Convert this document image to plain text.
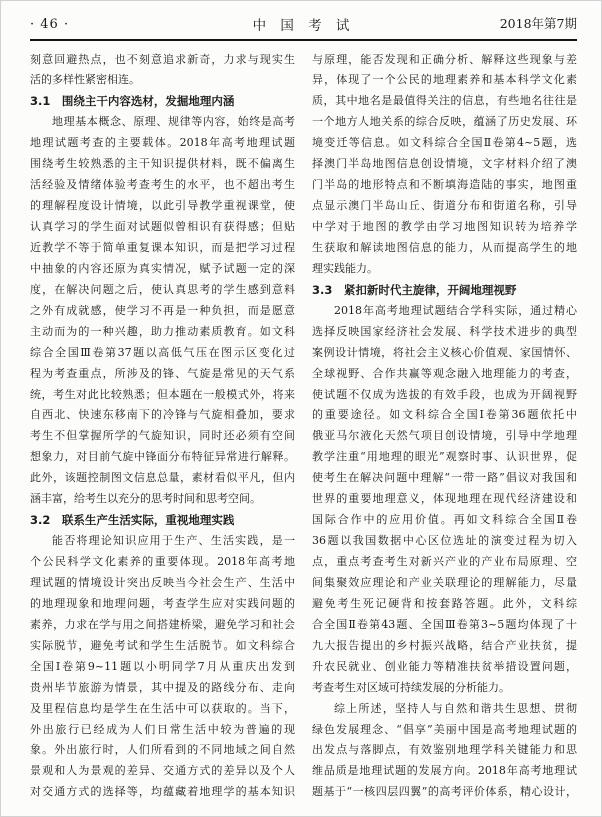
· 46 ·	中 国 考 试	2018年第7期
刻意回避热点，也不刻意追求新奇，力求与现实生
活的多样性紧密相连。
3.1　围绕主干内容选材，发掘地理内涵
地理基本概念、原理、规律等内容，始终是高考
地理试题考查的主要载体。2018年高考地理试题
围绕考生较熟悉的主干知识提供材料，既不偏离生
活经验及情绪体验考查考生的水平，也不超出考生
的理解程度设计情境，以此引导教学重视课堂，使
认真学习的学生面对试题似曾相识有获得感；但贴
近教学不等于简单重复课本知识，而是把学习过程
中抽象的内容还原为真实情况，赋予试题一定的深
度，在解决问题之后，使认真思考的学生感到意料
之外有成就感，使学习不再是一种负担，而是愿意
主动而为的一种兴趣，助力推动素质教育。如文科
综合全国Ⅲ卷第37题以高低气压在图示区变化过
程为考查重点，所涉及的锋、气旋是常见的天气系
统，考生对此比较熟悉；但本题在一般模式外，将来
自西北、快速东移南下的冷锋与气旋相叠加，要求
考生不但掌握所学的气旋知识，同时还必须有空间
想象力，对目前气旋中锋面分布特征异常进行解释。
此外，该题控制图文信息总量，素材看似平凡，但内
涵丰富，给考生以充分的思考时间和思考空间。
3.2　联系生产生活实际，重视地理实践
能否将理论知识应用于生产、生活实践，是一
个公民科学文化素养的重要体现。2018年高考地
理试题的情境设计突出反映当今社会生产、生活中
的地理现象和地理问题，考查学生应对实践问题的
素养，力求在学与用之间搭建桥梁，避免学习和社会
实际脱节，避免考试和学生生活脱节。如文科综合
全国Ⅰ卷第9~11题以小明同学7月从重庆出发到
贵州毕节旅游为情景，其中提及的路线分布、走向
及里程信息均是学生在生活中可以获取的。当下，
外出旅行已经成为人们日常生活中较为普遍的现
象。外出旅行时，人们所看到的不同地域之间自然
景观和人为景观的差异、交通方式的差异以及个人
对交通方式的选择等，均蕴藏着地理学的基本知识
与原理，能否发现和正确分析、解释这些现象与差
异，体现了一个公民的地理素养和基本科学文化素
质，其中地名是最值得关注的信息，有些地名往往是
一个地方人地关系的综合反映，蕴涵了历史发展、环
境变迁等信息。如文科综合全国Ⅱ卷第4~5题，选
择澳门半岛地图信息创设情境，文字材料介绍了澳
门半岛的地形特点和不断填海造陆的事实，地图重
点显示澳门半岛山丘、街道分布和街道名称，引导
中学对于地图的教学由学习地图知识转为培养学
生获取和解读地图信息的能力，从而提高学生的地
理实践能力。
3.3　紧扣新时代主旋律，开阔地理视野
2018年高考地理试题结合学科实际，通过精心
选择反映国家经济社会发展、科学技术进步的典型
案例设计情境，将社会主义核心价值观、家国情怀、
全球视野、合作共赢等观念融入地理能力的考查，
使试题不仅成为选拔的有效手段，也成为开阔视野
的重要途径。如文科综合全国Ⅰ卷第36题依托中
俄亚马尔液化天然气项目创设情境，引导中学地理
教学注重“用地理的眼光”观察时事、认识世界，促
使考生在解决问题中理解“一带一路”倡议对我国和
世界的重要地理意义，体现地理在现代经济建设和
国际合作中的应用价值。再如文科综合全国Ⅱ卷
36题以我国数据中心区位选址的演变过程为切入
点，重点考查考生对新兴产业的产业布局原理、空
间集聚效应理论和产业关联理论的理解能力，尽量
避免考生死记硬背和按套路答题。此外，文科综
合全国Ⅱ卷第43题、全国Ⅲ卷第3~5题均体现了十
九大报告提出的乡村振兴战略，结合产业扶贫，提
升农民就业、创业能力等精准扶贫举措设置问题，
考查考生对区域可持续发展的分析能力。
综上所述，坚持人与自然和谐共生思想、贯彻
绿色发展理念、“倡享”美丽中国是高考地理试题的
出发点与落脚点，有效鉴别地理学科关键能力和思
维品质是地理试题的发展方向。2018年高考地理试
题基于“一核四层四翼”的高考评价体系，精心设计，
